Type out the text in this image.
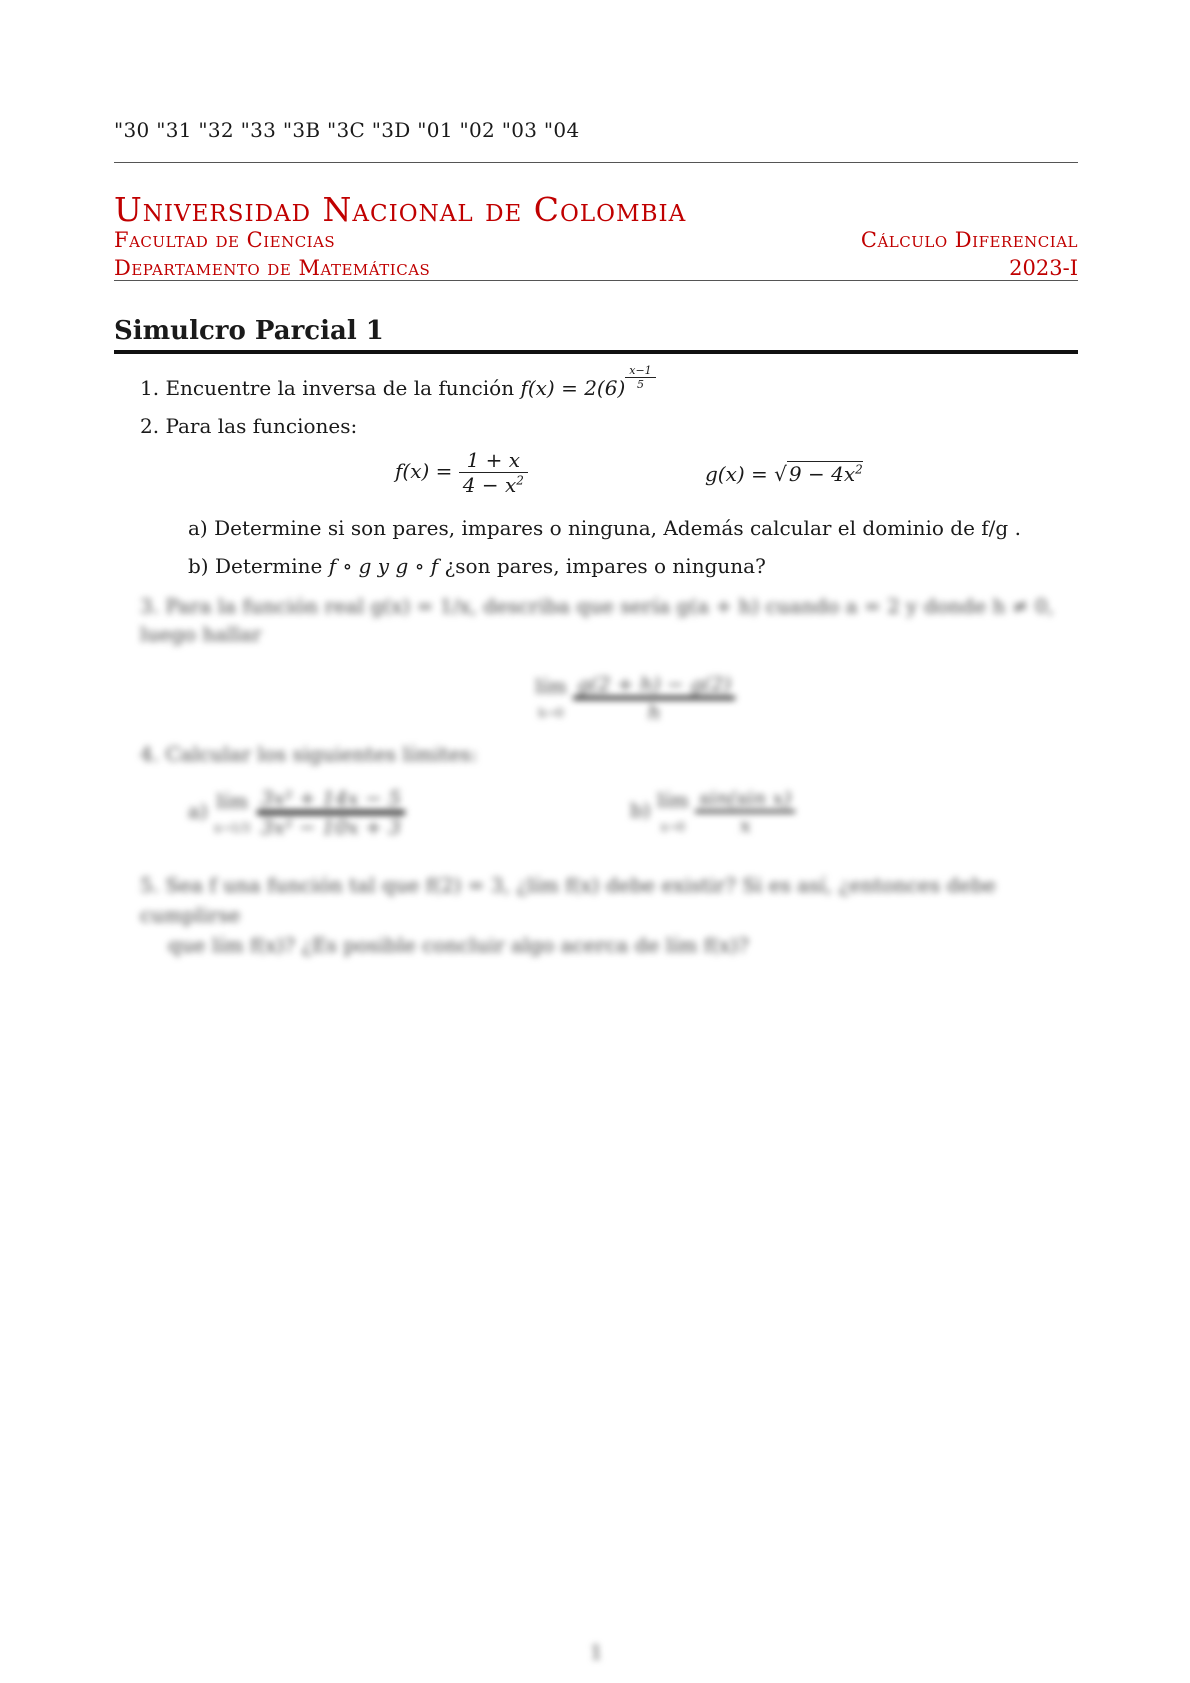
"30 "31 "32 "33 "3B "3C "3D "01 "02 "03 "04
Universidad Nacional de Colombia
Facultad de Ciencias
Departamento de Matemáticas
Cálculo Diferencial
2023-I
Simulcro Parcial 1
1. Encuentre la inversa de la función $f(x) = 2(6) \frac{x-1}{5}$
2. Para las funciones:
$f(x) = \frac{1 + x}{4 - x^2}$	g(x) = √ $9 - 4x^2$
a) Determine si son pares, impares o ninguna, Además calcular el dominio de f/g .
b) Determine f ∘ g y g ∘ f ¿son pares, impares o ninguna?
3. Para la función real g(x) = 1/x, describa que sería g(a + h) cuando a = 2 y donde h ≠ 0, luego hallar
lím
$h\to 0 \frac{g(2 + h) - g(2)}{h}$
4. Calcular los siguientes límites:
a) lím
$x\to 1/3 \frac{\text{3x² + 14x − 5}}{\text{3x² − 10x + 3}}$	b) lím
$x\to 0 \frac{\text{sin(sin x)}}{x}$
5. Sea f una función tal que f(2) = 3, ¿lím f(x) debe existir? Si es así, ¿entonces debe cumplirse
que lím f(x)? ¿Es posible concluir algo acerca de lím f(x)?
1
